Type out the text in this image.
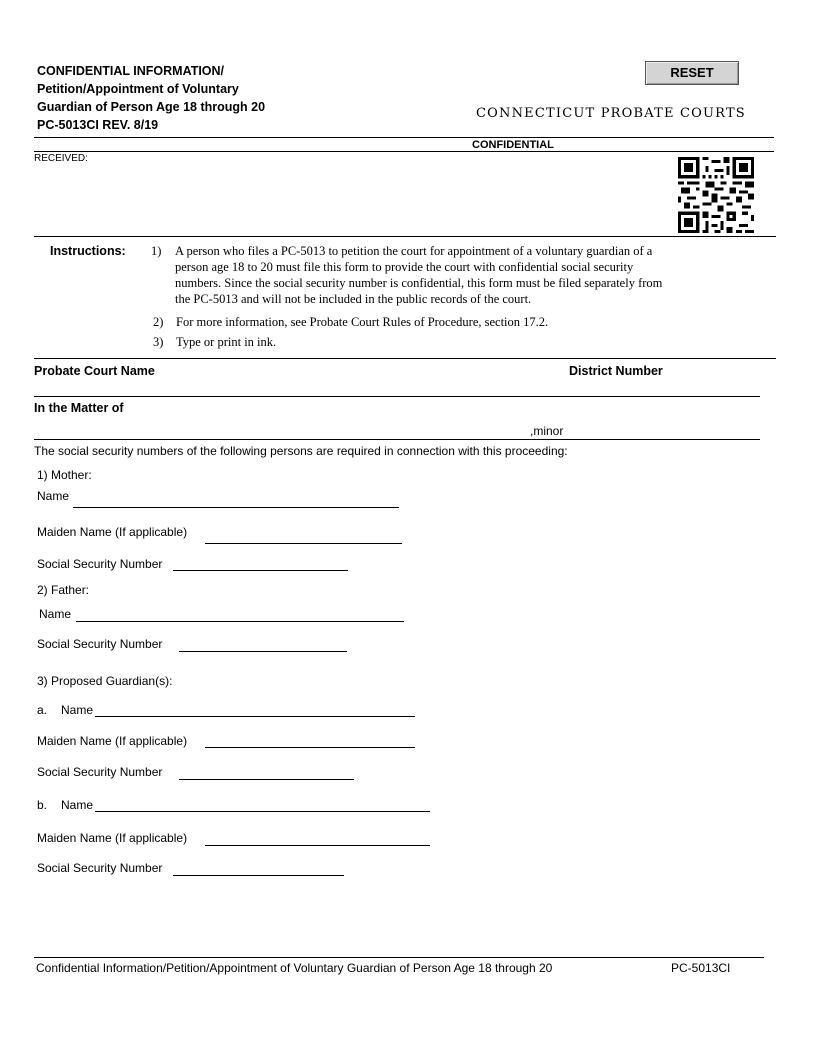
CONFIDENTIAL INFORMATION/
Petition/Appointment of Voluntary
Guardian of Person Age 18 through 20
PC-5013CI REV. 8/19
RESET
CONNECTICUT PROBATE COURTS
CONFIDENTIAL
RECEIVED:
Instructions: 1) A person who files a PC-5013 to petition the court for appointment of a voluntary guardian of a
person age 18 to 20 must file this form to provide the court with confidential social security
numbers. Since the social security number is confidential, this form must be filed separately from
the PC-5013 and will not be included in the public records of the court.
2) For more information, see Probate Court Rules of Procedure, section 17.2.
3) Type or print in ink.
Probate Court Name	District Number
In the Matter of
,minor
The social security numbers of the following persons are required in connection with this proceeding:
1) Mother:
Name
Maiden Name (If applicable)
Social Security Number
2) Father:
Name
Social Security Number
3) Proposed Guardian(s):
a. Name
Maiden Name (If applicable)
Social Security Number
b. Name
Maiden Name (If applicable)
Social Security Number
Confidential Information/Petition/Appointment of Voluntary Guardian of Person Age 18 through 20	PC-5013CI
